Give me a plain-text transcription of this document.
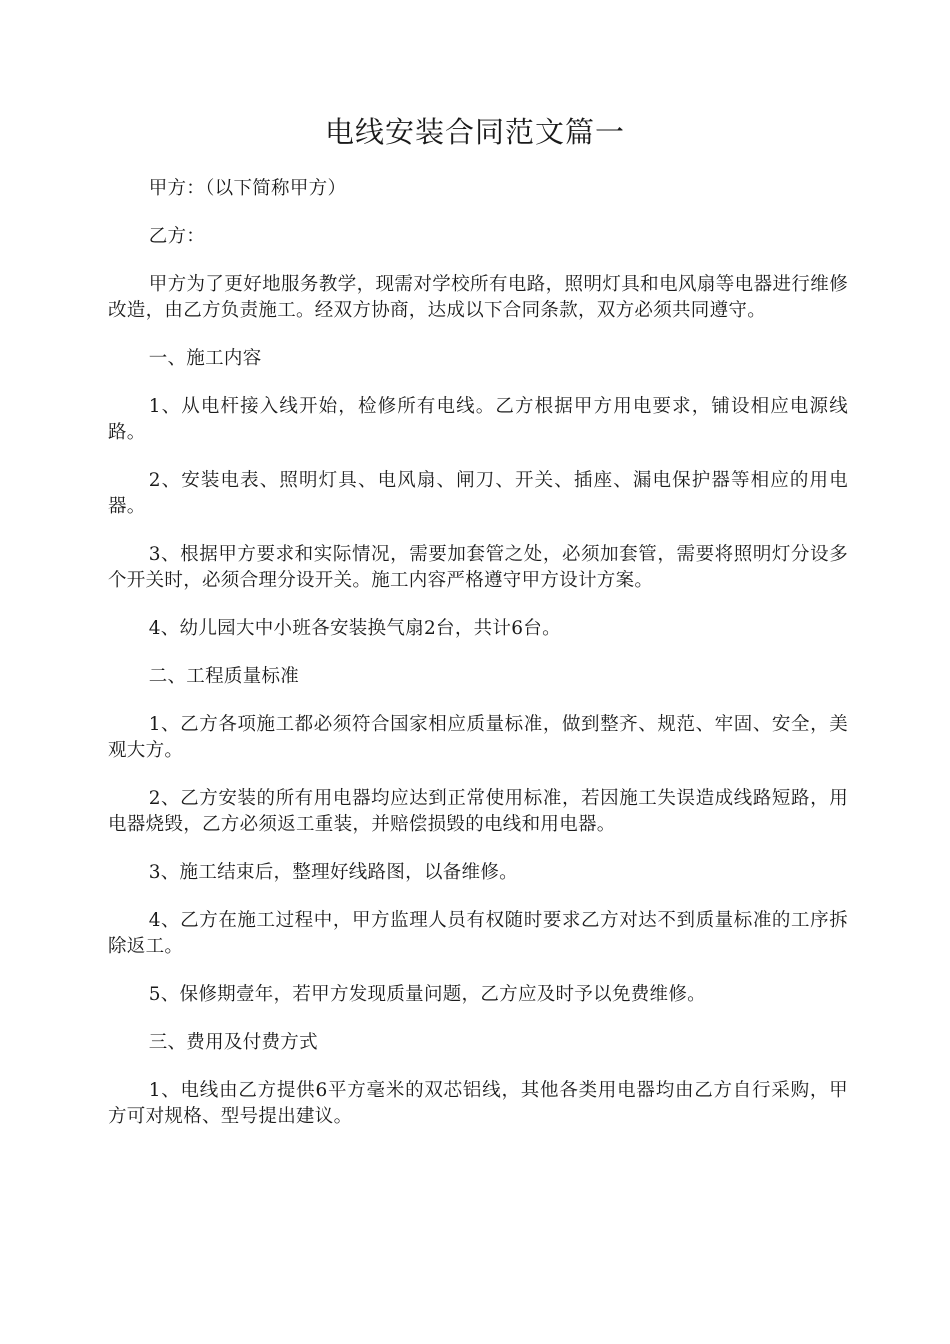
电线安装合同范文篇一

甲方：（以下简称甲方）

乙方：

甲方为了更好地服务教学，现需对学校所有电路，照明灯具和电风扇等电器进行维修改造，由乙方负责施工。经双方协商，达成以下合同条款，双方必须共同遵守。

一、施工内容

1、从电杆接入线开始，检修所有电线。乙方根据甲方用电要求，铺设相应电源线路。

2、安装电表、照明灯具、电风扇、闸刀、开关、插座、漏电保护器等相应的用电器。

3、根据甲方要求和实际情况，需要加套管之处，必须加套管，需要将照明灯分设多个开关时，必须合理分设开关。施工内容严格遵守甲方设计方案。

4、幼儿园大中小班各安装换气扇2台，共计6台。

二、工程质量标准

1、乙方各项施工都必须符合国家相应质量标准，做到整齐、规范、牢固、安全，美观大方。

2、乙方安装的所有用电器均应达到正常使用标准，若因施工失误造成线路短路，用电器烧毁，乙方必须返工重装，并赔偿损毁的电线和用电器。

3、施工结束后，整理好线路图，以备维修。

4、乙方在施工过程中，甲方监理人员有权随时要求乙方对达不到质量标准的工序拆除返工。

5、保修期壹年，若甲方发现质量问题，乙方应及时予以免费维修。

三、费用及付费方式

1、电线由乙方提供6平方毫米的双芯铝线，其他各类用电器均由乙方自行采购，甲方可对规格、型号提出建议。
